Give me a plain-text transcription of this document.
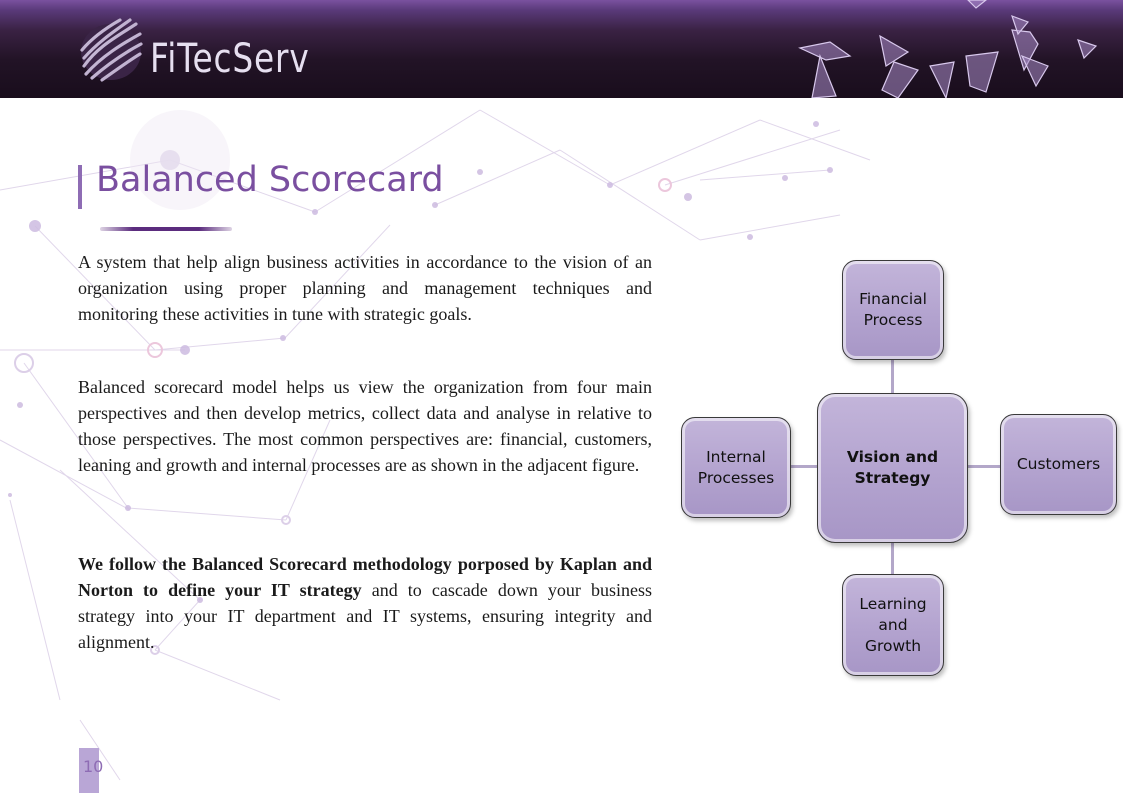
FiTecServ
Balanced Scorecard

A system that help align business activities in accordance to the vision of an organization using proper planning and management techniques and monitoring these activities in tune with strategic goals.

Balanced scorecard model helps us view the organization from four main perspectives and then develop metrics, collect data and analyse in relative to those perspectives. The most common perspectives are: financial, customers, leaning and growth and internal processes are as shown in the adjacent figure.

We follow the Balanced Scorecard methodology porposed by Kaplan and Norton to define your IT strategy and to cascade down your business strategy into your IT department and IT systems, ensuring integrity and alignment.

Financial
Process
Vision and
Strategy
Internal
Processes
Customers
Learning
and
Growth
10
